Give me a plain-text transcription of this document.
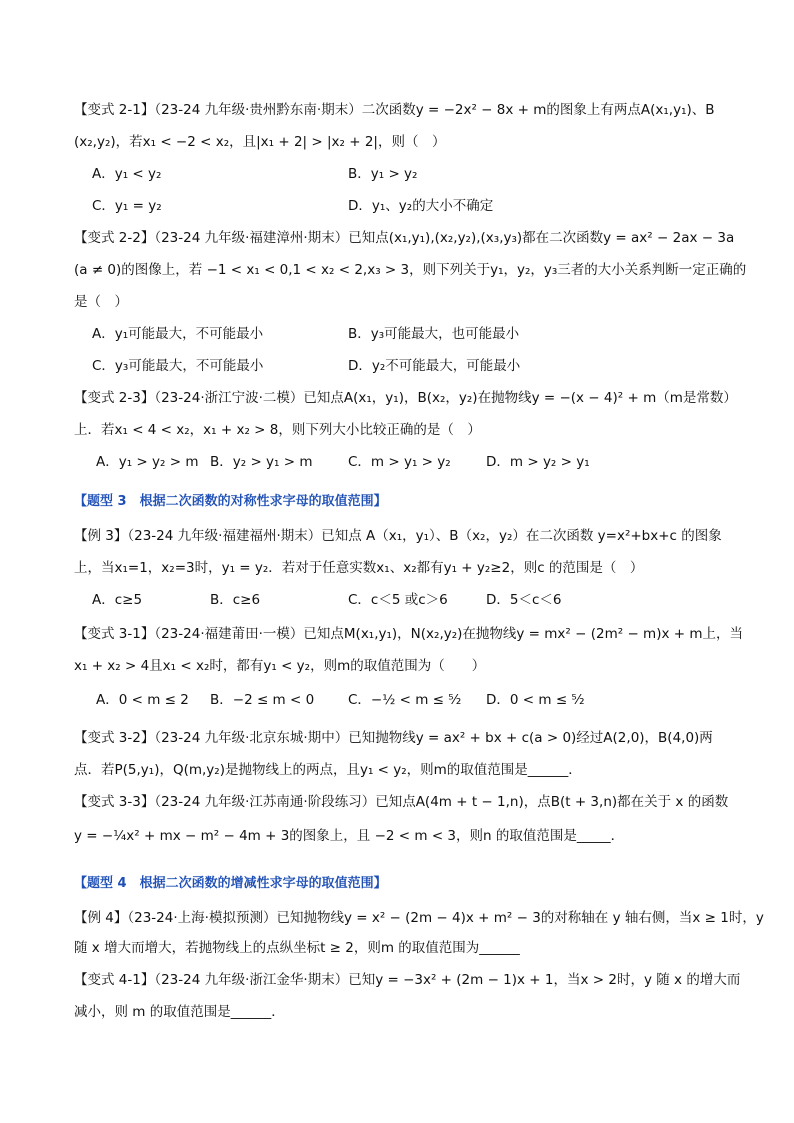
【变式 2-1】（23-24 九年级·贵州黔东南·期末）二次函数y = −2x² − 8x + m的图象上有两点A(x₁,y₁)、B
(x₂,y₂)，若x₁ < −2 < x₂，且|x₁ + 2| > |x₂ + 2|，则（　）
A．y₁ < y₂	B．y₁ > y₂
C．y₁ = y₂	D．y₁、y₂的大小不确定
【变式 2-2】（23-24 九年级·福建漳州·期末）已知点(x₁,y₁),(x₂,y₂),(x₃,y₃)都在二次函数y = ax² − 2ax − 3a
(a ≠ 0)的图像上，若 −1 < x₁ < 0,1 < x₂ < 2,x₃ > 3，则下列关于y₁，y₂，y₃三者的大小关系判断一定正确的
是（　）
A．y₁可能最大，不可能最小	B．y₃可能最大，也可能最小
C．y₃可能最大，不可能最小	D．y₂不可能最大，可能最小
【变式 2-3】（23-24·浙江宁波·二模）已知点A(x₁，y₁)，B(x₂，y₂)在抛物线y = −(x − 4)² + m（m是常数）
上．若x₁ < 4 < x₂，x₁ + x₂ > 8，则下列大小比较正确的是（　）
A．y₁ > y₂ > m B．y₂ > y₁ > m	C．m > y₁ > y₂	D．m > y₂ > y₁
【题型 3　根据二次函数的对称性求字母的取值范围】
【例 3】（23-24 九年级·福建福州·期末）已知点 A（x₁，y₁）、B（x₂，y₂）在二次函数 y=x²+bx+c 的图象
上，当x₁=1，x₂=3时，y₁ = y₂．若对于任意实数x₁、x₂都有y₁ + y₂≥2，则c 的范围是（　）
A．c≥5	B．c≥6	C．c＜5 或c＞6	D．5＜c＜6
【变式 3-1】（23-24·福建莆田·一模）已知点M(x₁,y₁)，N(x₂,y₂)在抛物线y = mx² − (2m² − m)x + m上，当
x₁ + x₂ > 4且x₁ < x₂时，都有y₁ < y₂，则m的取值范围为（　　）
A．0 < m ≤ 2 B．−2 ≤ m < 0	C．−½ < m ≤ ⁵⁄₂ D．0 < m ≤ ⁵⁄₂
【变式 3-2】（23-24 九年级·北京东城·期中）已知抛物线y = ax² + bx + c(a > 0)经过A(2,0)，B(4,0)两
点．若P(5,y₁)，Q(m,y₂)是抛物线上的两点，且y₁ < y₂，则m的取值范围是______．
【变式 3-3】（23-24 九年级·江苏南通·阶段练习）已知点A(4m + t − 1,n)，点B(t + 3,n)都在关于 x 的函数
y = −¼x² + mx − m² − 4m + 3的图象上，且 −2 < m < 3，则n 的取值范围是_____．
【题型 4　根据二次函数的增减性求字母的取值范围】
【例 4】（23-24·上海·模拟预测）已知抛物线y = x² − (2m − 4)x + m² − 3的对称轴在 y 轴右侧，当x ≥ 1时，y
随 x 增大而增大，若抛物线上的点纵坐标t ≥ 2，则m 的取值范围为______
【变式 4-1】（23-24 九年级·浙江金华·期末）已知y = −3x² + (2m − 1)x + 1，当x > 2时，y 随 x 的增大而
减小，则 m 的取值范围是______．
